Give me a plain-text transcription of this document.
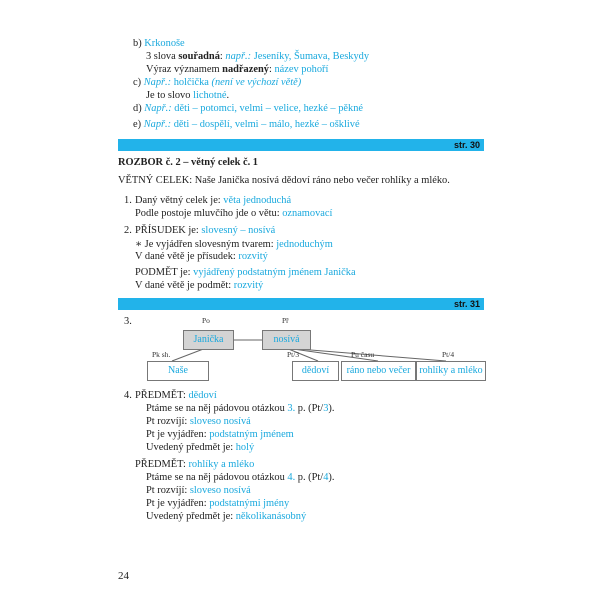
b) Krkonoše
3 slova souřadná: např.: Jeseníky, Šumava, Beskydy
Výraz významem nadřazený: název pohoří
c) Např.: holčička (není ve výchozí větě)
Je to slovo lichotné.
d) Např.: děti – potomci, velmi – velice, hezké – pěkné
e) Např.: děti – dospělí, velmi – málo, hezké – ošklivé
str. 30
ROZBOR č. 2 – větný celek č. 1
VĚTNÝ CELEK: Naše Janička nosívá dědoví ráno nebo večer rohlíky a mléko.
1. Daný větný celek je: věta jednoduchá
Podle postoje mluvčího jde o větu: oznamovací
2. PŘÍSUDEK je: slovesný – nosívá
∗ Je vyjádřen slovesným tvarem: jednoduchým
V dané větě je přísudek: rozvitý
PODMĚT je: vyjádřený podstatným jménem Janička
V dané větě je podmět: rozvitý
str. 31
3.	Po	Př
Pk sh.	Pt/3	Pu času	Pt/4
Janička	nosívá
Naše	dědoví	ráno nebo večer rohlíky a mléko
4. PŘEDMĚT: dědoví
Ptáme se na něj pádovou otázkou 3. p. (Pt/3).
Pt rozvíjí: sloveso nosívá
Pt je vyjádřen: podstatným jménem
Uvedený předmět je: holý
PŘEDMĚT: rohlíky a mléko
Ptáme se na něj pádovou otázkou 4. p. (Pt/4).
Pt rozvíjí: sloveso nosívá
Pt je vyjádřen: podstatnými jmény
Uvedený předmět je: několikanásobný
24
